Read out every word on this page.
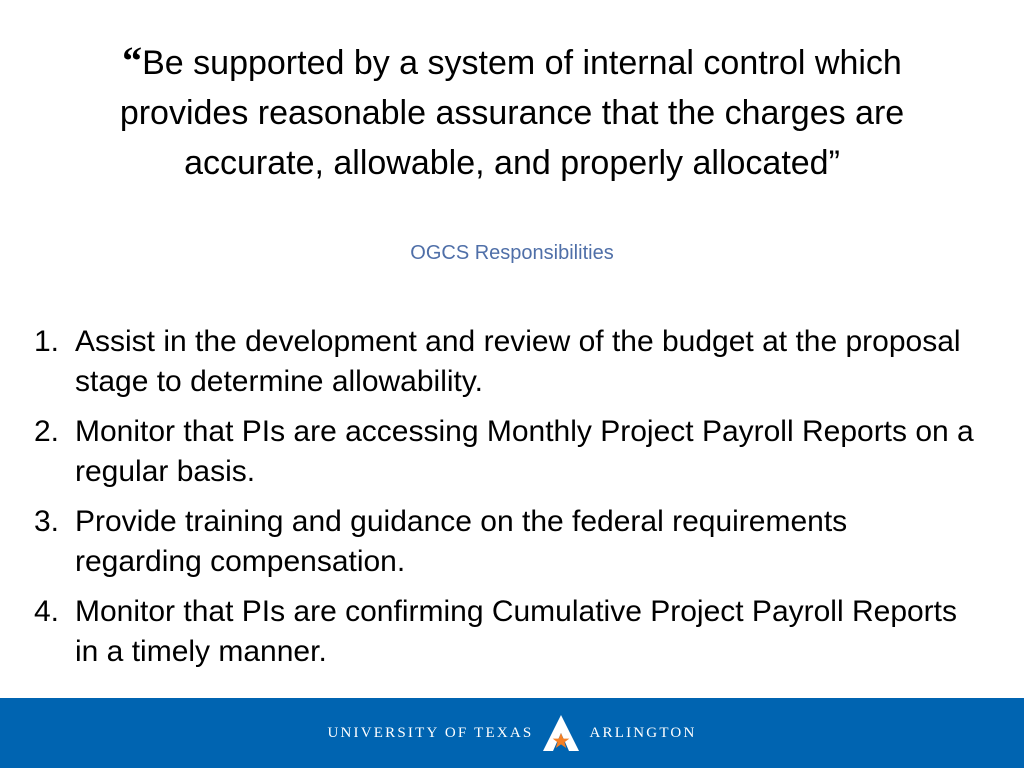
“Be supported by a system of internal control which provides reasonable assurance that the charges are accurate, allowable, and properly allocated”

OGCS Responsibilities
1. Assist in the development and review of the budget at the proposal stage to determine allowability.
2. Monitor that PIs are accessing Monthly Project Payroll Reports on a regular basis.
3. Provide training and guidance on the federal requirements regarding compensation.
4. Monitor that PIs are confirming Cumulative Project Payroll Reports in a timely manner.
UNIVERSITY OF TEXAS	ARLINGTON
